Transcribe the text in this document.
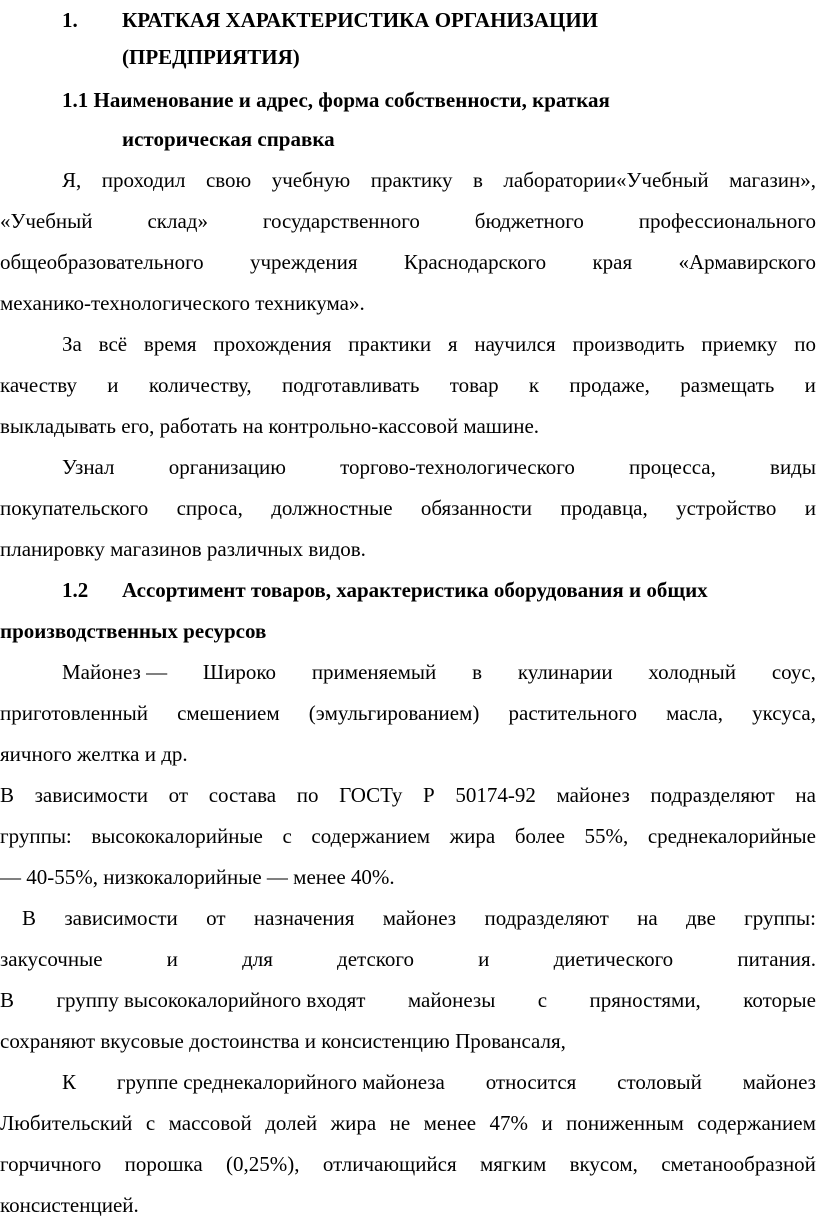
1. КРАТКАЯ ХАРАКТЕРИСТИКА ОРГАНИЗАЦИИ
(ПРЕДПРИЯТИЯ)
1.1 Наименование и адрес, форма собственности, краткая
историческая справка
Я, проходил свою учебную практику в лаборатории«Учебный магазин»,
«Учебный	склад»	государственного	бюджетного	профессионального
общеобразовательного учреждения Краснодарского края «Армавирского
механико-технологического техникума».
За всё время прохождения практики я научился производить приемку по
качеству и количеству, подготавливать товар к продаже, размещать и
выкладывать его, работать на контрольно-кассовой машине.
Узнал	организацию	торгово-технологического	процесса,	виды
покупательского спроса, должностные обязанности продавца, устройство и
планировку магазинов различных видов.
1.2 Ассортимент товаров, характеристика оборудования и общих
производственных ресурсов
Майонез — Широко применяемый в кулинарии холодный соус,
приготовленный смешением (эмульгированием) растительного масла, уксуса,
яичного желтка и др.
В зависимости от состава по ГОСТу Р 50174-92 майонез подразделяют на
группы: высококалорийные с содержанием жира более 55%, среднекалорийные
— 40-55%, низкокалорийные — менее 40%.
В зависимости от назначения майонез подразделяют на две группы:
закусочные	и	для	детского	и	диетического	питания.
В группу высококалорийного входят майонезы с пряностями, которые
сохраняют вкусовые достоинства и консистенцию Провансаля,
К группе среднекалорийного майонеза относится столовый майонез
Любительский с массовой долей жира не менее 47% и пониженным содержанием
горчичного порошка (0,25%), отличающийся мягким вкусом, сметанообразной
консистенцией.
